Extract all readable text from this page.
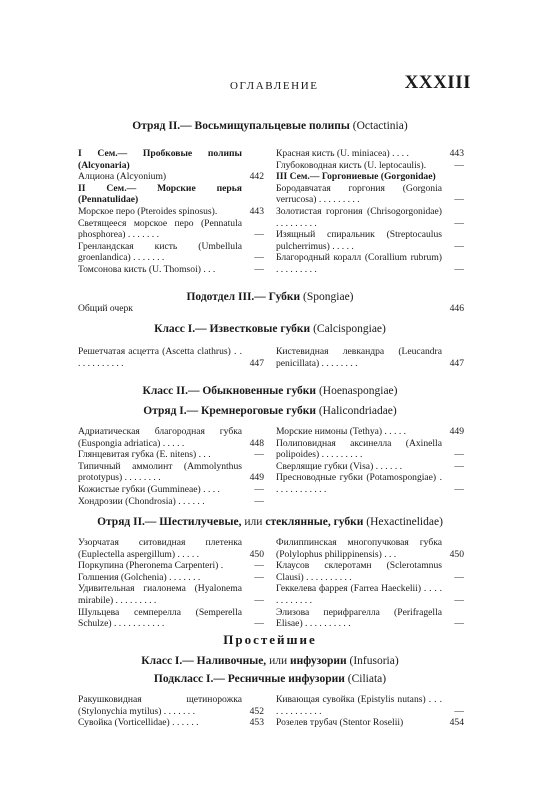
ОГЛАВЛЕНИЕ	XXXIII
Отряд II.— Восьмищупальцевые полипы (Octactinia)
I Сем.— Пробковые полипы (Alcyonaria)
Алциона (Alcyonium)	442
II Сем.— Морские перья (Pennatulidae)
Морское перо (Pteroides spinosus).	443
Светящееся морское перо (Pennatula phosphorea) . . . . . . .	—
Гренландская кисть (Umbellula groenlandica) . . . . . . .	—
Томсонова кисть (U. Thomsoi) . . .	—
Красная кисть (U. miniacea) . . . .	443
Глубоководная кисть (U. leptocaulis).	—
III Сем.— Горгониевые (Gorgonidae)
Бородавчатая горгония (Gorgonia verrucosa) . . . . . . . . .	—
Золотистая горгония (Chrisogorgonidae) . . . . . . . . .	—
Изящный спиральник (Streptocaulus pulcherrimus) . . . . .	—
Благородный коралл (Corallium rubrum) . . . . . . . . .	—
Подотдел III.— Губки (Spongiae)
Общий очерк	446
Класс I.— Известковые губки (Calcispongiae)
Решетчатая асцетта (Ascetta clathrus) . . . . . . . . . . . .	447
Кистевидная левкандра (Leucandra penicillata) . . . . . . . .	447
Класс II.— Обыкновенные губки (Hoenaspongiae)
Отряд I.— Кремнероговые губки (Halicondriadae)
Адриатическая благородная губка (Euspongia adriatica) . . . . .	448
Глянцевитая губка (E. nitens) . . .	—
Типичный аммолинт (Ammolynthus prototypus) . . . . . . . .	449
Кожистые губки (Gummineae) . . . .	—
Хондрозии (Chondrosia) . . . . . .	—
Морские нимоны (Tethya) . . . . .	449
Полиповидная аксинелла (Axinella polipoides) . . . . . . . . .	—
Сверлящие губки (Visa) . . . . . .	—
Пресноводные губки (Potamospongiae) . . . . . . . . . . . .	—
Отряд II.— Шестилучевые, или стеклянные, губки (Hexactinelidae)
Узорчатая ситовидная плетенка (Euplectella aspergillum) . . . . .	450
Поркупина (Pheronema Carpenteri) .	—
Голшения (Golchenia) . . . . . . .	—
Удивительная гиалонема (Hyalonema mirabile) . . . . . . . . .	—
Шульцева семперелла (Semperella Schulze) . . . . . . . . . . .	—
Филиппинская многопучковая губка (Polylophus philippinensis) . . .	450
Клаусов склеротамн (Sclerotamnus Clausi) . . . . . . . . . .	—
Геккелева фаррея (Farrea Haeckelii) . . . . . . . . . . . .	—
Элизова перифрагелла (Perifragella Elisae) . . . . . . . . . .	—
Простейшие
Класс I.— Наливочные, или инфузории (Infusoria)
Подкласс I.— Ресничные инфузории (Ciliata)
Ракушковидная щетинорожка (Stylonychia mytilus) . . . . . . .	452
Сувойка (Vorticellidae) . . . . . .	453
Кивающая сувойка (Epistylis nutans) . . . . . . . . . . . . .	—
Розелев трубач (Stentor Roselii)	454
